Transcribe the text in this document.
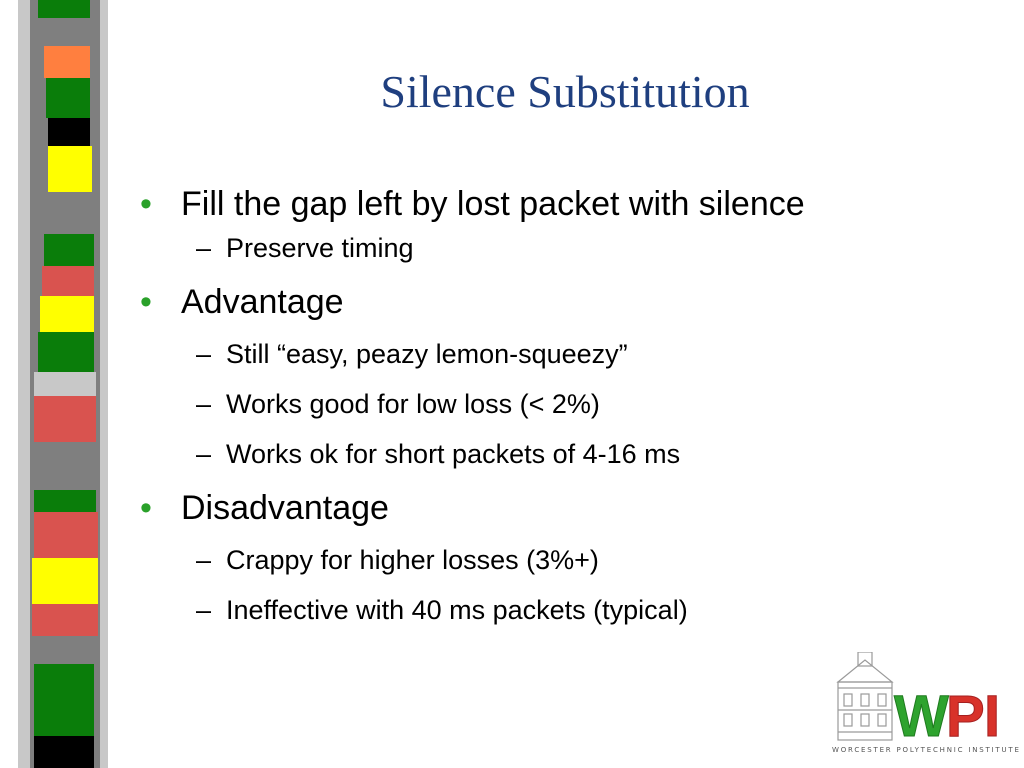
Silence Substitution
• Fill the gap left by lost packet with silence
– Preserve timing
• Advantage
– Still “easy, peazy lemon-squeezy”
– Works good for low loss (< 2%)
– Works ok for short packets of 4-16 ms
• Disadvantage
– Crappy for higher losses (3%+)
– Ineffective with 40 ms packets (typical)
W
P I
WORCESTER POLYTECHNIC INSTITUTE
